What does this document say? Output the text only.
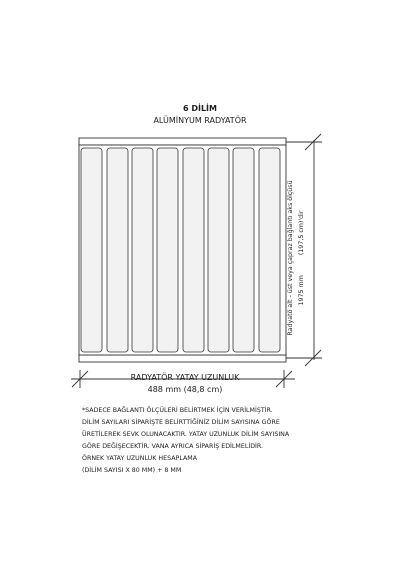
6 DİLİM
ALÜMİNYUM RADYATÖR
Radyatö alt - üst veya çapraz bağlantı aks ölçüsü 1975 mm          (197,5 cm)'dir
RADYATÖR YATAY UZUNLUK
488 mm (48,8 cm)
*SADECE BAĞLANTI ÖLÇÜLERİ BELİRTMEK İÇİN VERİLMİŞTİR.
DİLİM SAYILARI SİPARİŞTE BELİRTTİĞİNİZ DİLİM SAYISINA GÖRE
ÜRETİLEREK SEVK OLUNACAKTIR. YATAY UZUNLUK DİLİM SAYISINA
GÖRE DEĞİŞECEKTİR. VANA AYRICA SİPARİŞ EDİLMELİDİR.
ÖRNEK YATAY UZUNLUK HESAPLAMA
(DİLİM SAYISI X 80 MM) + 8 MM
